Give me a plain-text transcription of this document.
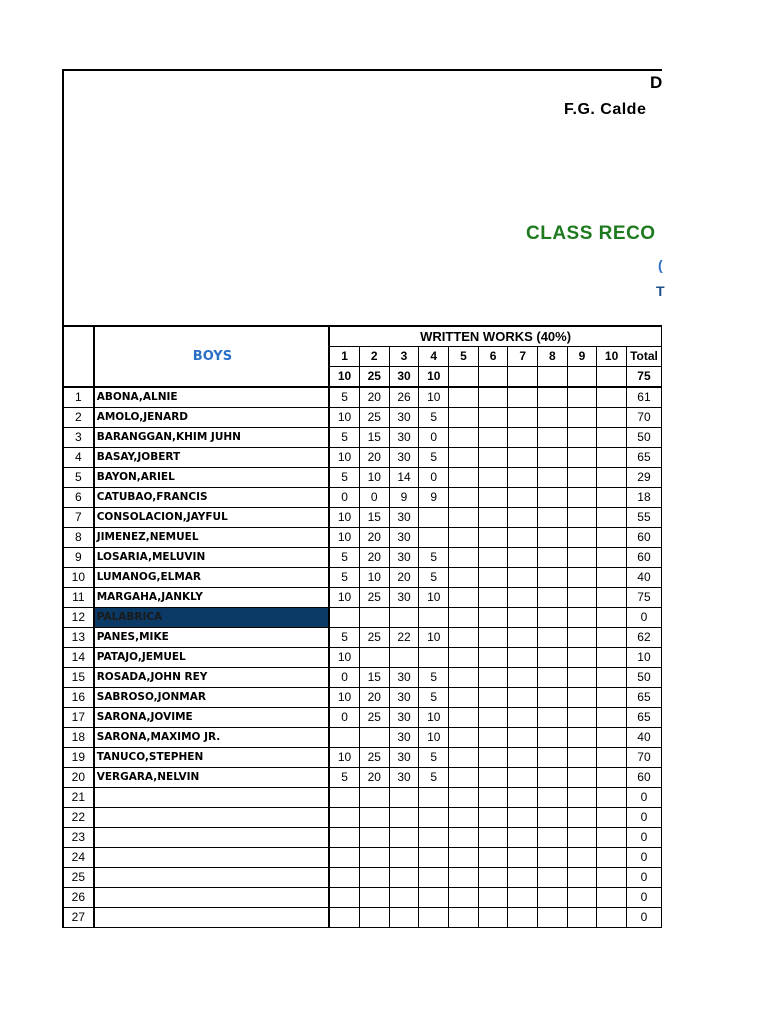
D
F.G. Calde
CLASS RECO
(
T
	BOYS	WRITTEN WORKS (40%)										
		1	2	3	4	5	6	7	8	9	10	Total
		10	25	30	10							75
1	ABONA,ALNIE	5	20	26	10							61
2	AMOLO,JENARD	10	25	30	5							70
3	BARANGGAN,KHIM JUHN	5	15	30	0							50
4	BASAY,JOBERT	10	20	30	5							65
5	BAYON,ARIEL	5	10	14	0							29
6	CATUBAO,FRANCIS	0	0	9	9							18
7	CONSOLACION,JAYFUL	10	15	30								55
8	JIMENEZ,NEMUEL	10	20	30								60
9	LOSARIA,MELUVIN	5	20	30	5							60
10	LUMANOG,ELMAR	5	10	20	5							40
11	MARGAHA,JANKLY	10	25	30	10							75
12	PALABRICA											0
13	PANES,MIKE	5	25	22	10							62
14	PATAJO,JEMUEL	10										10
15	ROSADA,JOHN REY	0	15	30	5							50
16	SABROSO,JONMAR	10	20	30	5							65
17	SARONA,JOVIME	0	25	30	10							65
18	SARONA,MAXIMO JR.			30	10							40
19	TANUCO,STEPHEN	10	25	30	5							70
20	VERGARA,NELVIN	5	20	30	5							60
21												0
22												0
23												0
24												0
25												0
26												0
27												0
